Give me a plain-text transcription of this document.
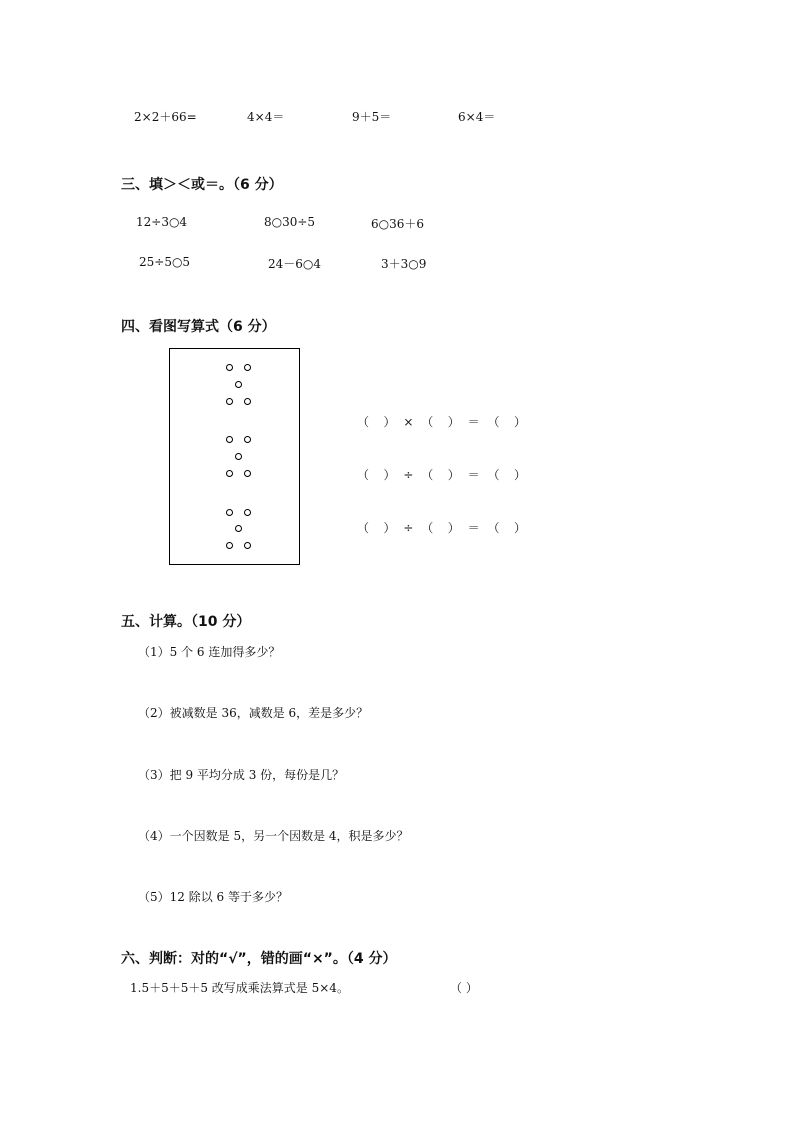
2×2＋66=	4×4＝	9＋5＝	6×4＝
三、填＞＜或＝。（6 分）
12÷3○4	8○30÷5	6○36＋6
25÷5○5	24－6○4	3＋3○9
四、看图写算式（6 分）
（ ） × （ ） ＝ （ ）
（ ） ÷ （ ） ＝ （ ）
（ ） ÷ （ ） ＝ （ ）
五、计算。（10 分）
（1）5 个 6 连加得多少？
（2）被减数是 36，减数是 6，差是多少？
（3）把 9 平均分成 3 份，每份是几？
（4）一个因数是 5，另一个因数是 4，积是多少？
（5）12 除以 6 等于多少？
六、判断：对的“√”，错的画“×”。（4 分）
1.5＋5＋5＋5 改写成乘法算式是 5×4。	（ ）
